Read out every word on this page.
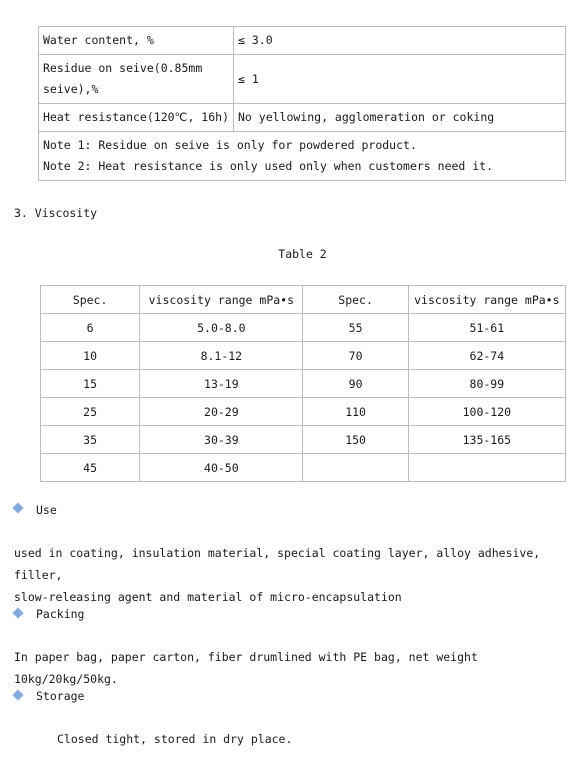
Water content, %	≤ 3.0

Residue on seive(0.85mm
seive),%	≤ 1
Heat resistance(120℃, 16h)	No yellowing, agglomeration or coking

Note 1: Residue on seive is only for powdered product.
Note 2: Heat resistance is only used only when customers need it.	
3. Viscosity
Table 2
Spec.	viscosity range mPa•s	Spec.	viscosity range mPa•s
6	5.0-8.0	55	51-61
10	8.1-12	70	62-74
15	13-19	90	80-99
25	20-29	110	100-120
35	30-39	150	135-165
45	40-50		
Use
used in coating, insulation material, special coating layer, alloy adhesive, filler,
slow-releasing agent and material of micro-encapsulation
Packing
In paper bag, paper carton, fiber drumlined with PE bag, net weight 10kg/20kg/50kg.
Storage
Closed tight, stored in dry place.
